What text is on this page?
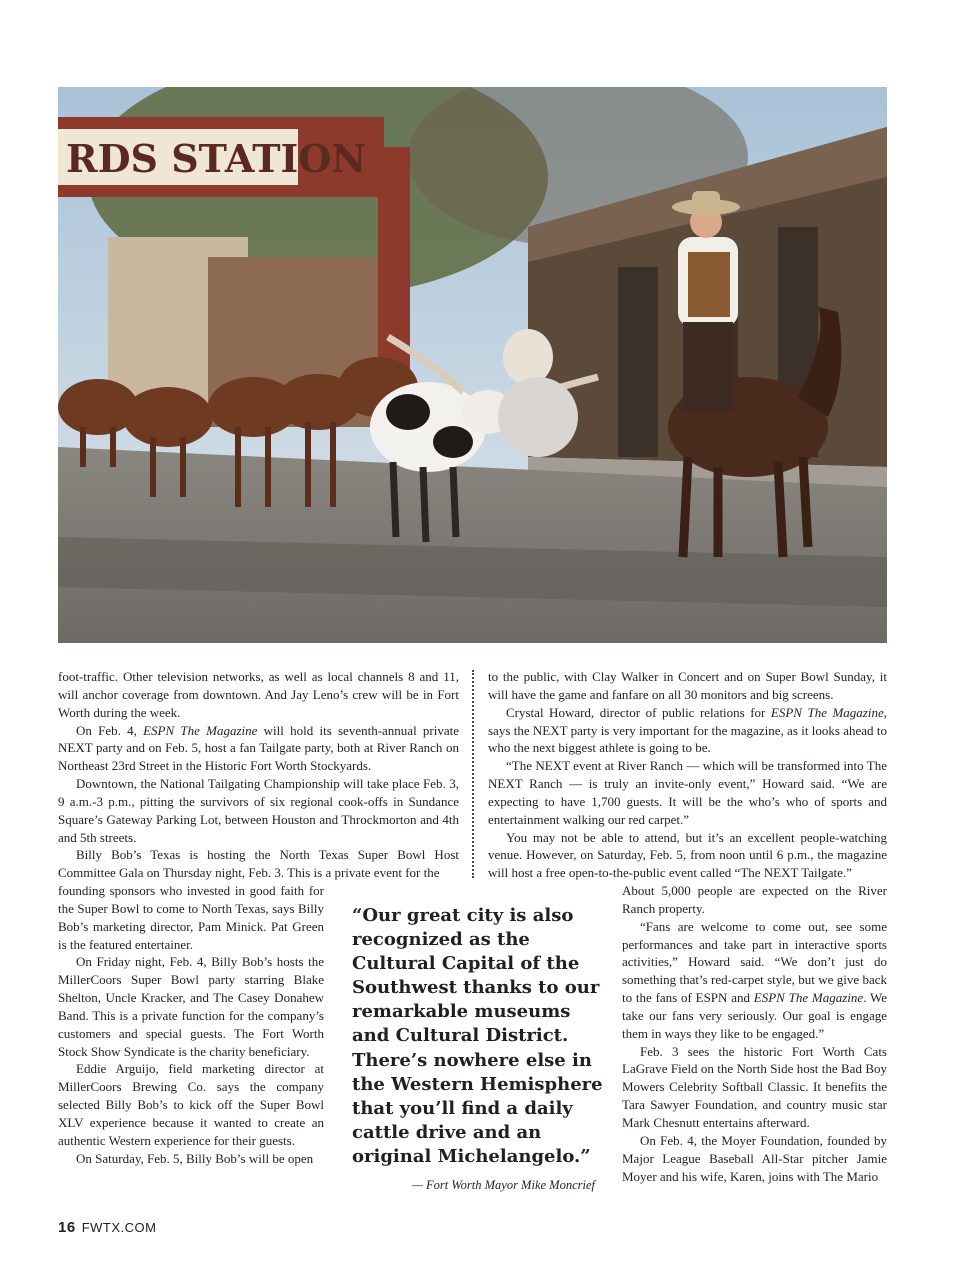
RDS STATION

foot-traffic. Other television networks, as well as local channels 8 and 11, will anchor coverage from downtown. And Jay Leno’s crew will be in Fort Worth during the week.

On Feb. 4, ESPN The Magazine will hold its seventh-annual private NEXT party and on Feb. 5, host a fan Tailgate party, both at River Ranch on Northeast 23rd Street in the Historic Fort Worth Stockyards.

Downtown, the National Tailgating Championship will take place Feb. 3, 9 a.m.-3 p.m., pitting the survivors of six regional cook-offs in Sundance Square’s Gateway Parking Lot, between Houston and Throckmorton and 4th and 5th streets.

Billy Bob’s Texas is hosting the North Texas Super Bowl Host Committee Gala on Thursday night, Feb. 3. This is a private event for the

founding sponsors who invested in good faith for the Super Bowl to come to North Texas, says Billy Bob’s marketing director, Pam Minick. Pat Green is the featured entertainer.

On Friday night, Feb. 4, Billy Bob’s hosts the MillerCoors Super Bowl party starring Blake Shelton, Uncle Kracker, and The Casey Donahew Band. This is a private function for the company’s customers and special guests. The Fort Worth Stock Show Syndicate is the charity beneficiary.

Eddie Arguijo, field marketing director at MillerCoors Brewing Co. says the company selected Billy Bob’s to kick off the Super Bowl XLV experience because it wanted to create an authentic Western experience for their guests.

On Saturday, Feb. 5, Billy Bob’s will be open

to the public, with Clay Walker in Concert and on Super Bowl Sunday, it will have the game and fanfare on all 30 monitors and big screens.

Crystal Howard, director of public relations for ESPN The Magazine, says the NEXT party is very important for the magazine, as it looks ahead to who the next biggest athlete is going to be.

“The NEXT event at River Ranch — which will be transformed into The NEXT Ranch — is truly an invite-only event,” Howard said. “We are expecting to have 1,700 guests. It will be the who’s who of sports and entertainment walking our red carpet.”

You may not be able to attend, but it’s an excellent people-watching venue. However, on Saturday, Feb. 5, from noon until 6 p.m., the magazine will host a free open-to-the-public event called “The NEXT Tailgate.”

About 5,000 people are expected on the River Ranch property.

“Fans are welcome to come out, see some performances and take part in interactive sports activities,” Howard said. “We don’t just do something that’s red-carpet style, but we give back to the fans of ESPN and ESPN The Magazine. We take our fans very seriously. Our goal is engage them in ways they like to be engaged.”

Feb. 3 sees the historic Fort Worth Cats LaGrave Field on the North Side host the Bad Boy Mowers Celebrity Softball Classic. It benefits the Tara Sawyer Foundation, and country music star Mark Chesnutt entertains afterward.

On Feb. 4, the Moyer Foundation, founded by Major League Baseball All-Star pitcher Jamie Moyer and his wife, Karen, joins with The Mario

“Our great city is also recognized as the Cultural Capital of the Southwest thanks to our remarkable museums and Cultural District. There’s nowhere else in the Western Hemisphere that you’ll find a daily cattle drive and an original Michelangelo.”
— Fort Worth Mayor Mike Moncrief
16 FWTX.COM
